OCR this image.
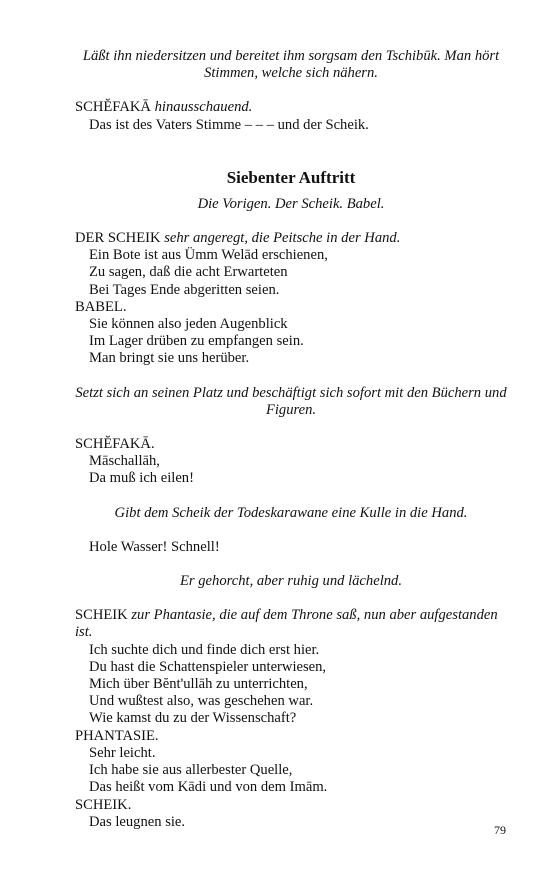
Läßt ihn niedersitzen und bereitet ihm sorgsam den Tschibūk. Man hört Stimmen, welche sich nähern.

SCHĔFAKĀ hinausschauend.

Das ist des Vaters Stimme – – – und der Scheik.

Siebenter Auftritt

Die Vorigen. Der Scheik. Babel.

DER SCHEIK sehr angeregt, die Peitsche in der Hand.

Ein Bote ist aus Ümm Welād erschienen,

Zu sagen, daß die acht Erwarteten

Bei Tages Ende abgeritten seien.

BABEL.

Sie können also jeden Augenblick

Im Lager drüben zu empfangen sein.

Man bringt sie uns herüber.

Setzt sich an seinen Platz und beschäftigt sich sofort mit den Büchern und Figuren.

SCHĔFAKĀ.

Māschallāh,

Da muß ich eilen!

Gibt dem Scheik der Todeskarawane eine Kulle in die Hand.

Hole Wasser! Schnell!

Er gehorcht, aber ruhig und lächelnd.

SCHEIK zur Phantasie, die auf dem Throne saß, nun aber aufgestanden ist.

Ich suchte dich und finde dich erst hier.

Du hast die Schattenspieler unterwiesen,

Mich über Bĕnt'ullāh zu unterrichten,

Und wußtest also, was geschehen war.

Wie kamst du zu der Wissenschaft?

PHANTASIE.

Sehr leicht.

Ich habe sie aus allerbester Quelle,

Das heißt vom Kādi und von dem Imām.

SCHEIK.

Das leugnen sie.

79
